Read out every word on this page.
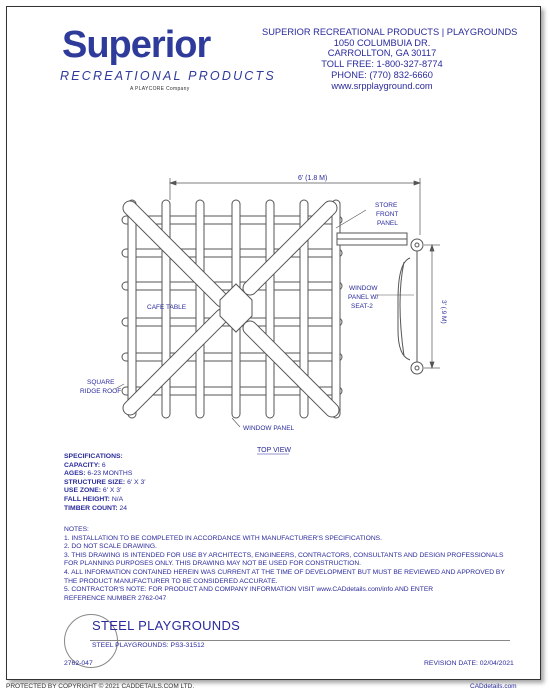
Superior
RECREATIONAL PRODUCTS
A PLAYCORE Company
SUPERIOR RECREATIONAL PRODUCTS | PLAYGROUNDS
1050 COLUMBUIA DR.
CARROLLTON, GA 30117
TOLL FREE: 1-800-327-8774
PHONE: (770) 832-6660
www.srpplayground.com
6' (1.8 M)
3' (.9 M)
STORE
FRONT
PANEL
WINDOW
PANEL W/
SEAT-2
CAFE TABLE
SQUARE
RIDGE ROOF
WINDOW PANEL
TOP VIEW
SPECIFICATIONS:
CAPACITY: 6
AGES: 6-23 MONTHS
STRUCTURE SIZE: 6' X 3'
USE ZONE: 6' X 3'
FALL HEIGHT: N/A
TIMBER COUNT: 24
NOTES:
1. INSTALLATION TO BE COMPLETED IN ACCORDANCE WITH MANUFACTURER'S SPECIFICATIONS.
2. DO NOT SCALE DRAWING.
3. THIS DRAWING IS INTENDED FOR USE BY ARCHITECTS, ENGINEERS, CONTRACTORS, CONSULTANTS AND DESIGN PROFESSIONALS
FOR PLANNING PURPOSES ONLY. THIS DRAWING MAY NOT BE USED FOR CONSTRUCTION.
4. ALL INFORMATION CONTAINED HEREIN WAS CURRENT AT THE TIME OF DEVELOPMENT BUT MUST BE REVIEWED AND APPROVED BY
THE PRODUCT MANUFACTURER TO BE CONSIDERED ACCURATE.
5. CONTRACTOR'S NOTE: FOR PRODUCT AND COMPANY INFORMATION VISIT www.CADdetails.com/info AND ENTER
REFERENCE NUMBER 2762-047
STEEL PLAYGROUNDS
STEEL PLAYGROUNDS: PS3-31512
2762-047	REVISION DATE: 02/04/2021
PROTECTED BY COPYRIGHT © 2021 CADDETAILS.COM LTD.	CADdetails.com
